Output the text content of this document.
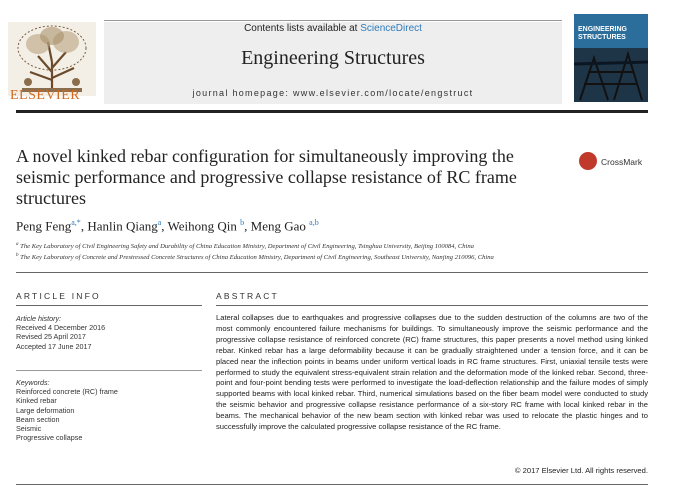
ELSEVIER
Contents lists available at ScienceDirect
Engineering Structures
journal homepage: www.elsevier.com/locate/engstruct
ENGINEERING
STRUCTURES
A novel kinked rebar configuration for simultaneously improving the seismic performance and progressive collapse resistance of RC frame structures
CrossMark
Peng Feng$^{a,*}$, Hanlin Qiang$^a$, Weihong Qin $^b$, Meng Gao $^{a,b}$
$^a$ The Key Laboratory of Civil Engineering Safety and Durability of China Education Ministry, Department of Civil Engineering, Tsinghua University, Beijing 100084, China
$^b$ The Key Laboratory of Concrete and Prestressed Concrete Structures of China Education Ministry, Department of Civil Engineering, Southeast University, Nanjing 210096, China
ARTICLE INFO
Article history:
Received 4 December 2016
Revised 25 April 2017
Accepted 17 June 2017
Keywords:
Reinforced concrete (RC) frame
Kinked rebar
Large deformation
Beam section
Seismic
Progressive collapse
ABSTRACT
Lateral collapses due to earthquakes and progressive collapses due to the sudden destruction of the columns are two of the most commonly encountered failure mechanisms for buildings. To simultaneously improve the seismic performance and the progressive collapse resistance of reinforced concrete (RC) frame structures, this paper presents a novel method using kinked rebar. Kinked rebar has a large deformability because it can be gradually straightened under a tension force, and it can be placed near the inflection points in beams under uniform vertical loads in RC frame structures. First, uniaxial tensile tests were performed to study the equivalent stress-equivalent strain relation and the deformation mode of the kinked rebar. Second, three-point and four-point bending tests were performed to investigate the load-deflection relationship and the failure modes of simply supported beams with local kinked rebar. Third, numerical simulations based on the fiber beam model were conducted to study the seismic behavior and progressive collapse resistance performance of a six-story RC frame with local kinked rebar in the beams. The mechanical behavior of the new beam section with kinked rebar was used to relocate the plastic hinges and to successfully improve the calculated progressive collapse resistance of the RC frame.
© 2017 Elsevier Ltd. All rights reserved.
